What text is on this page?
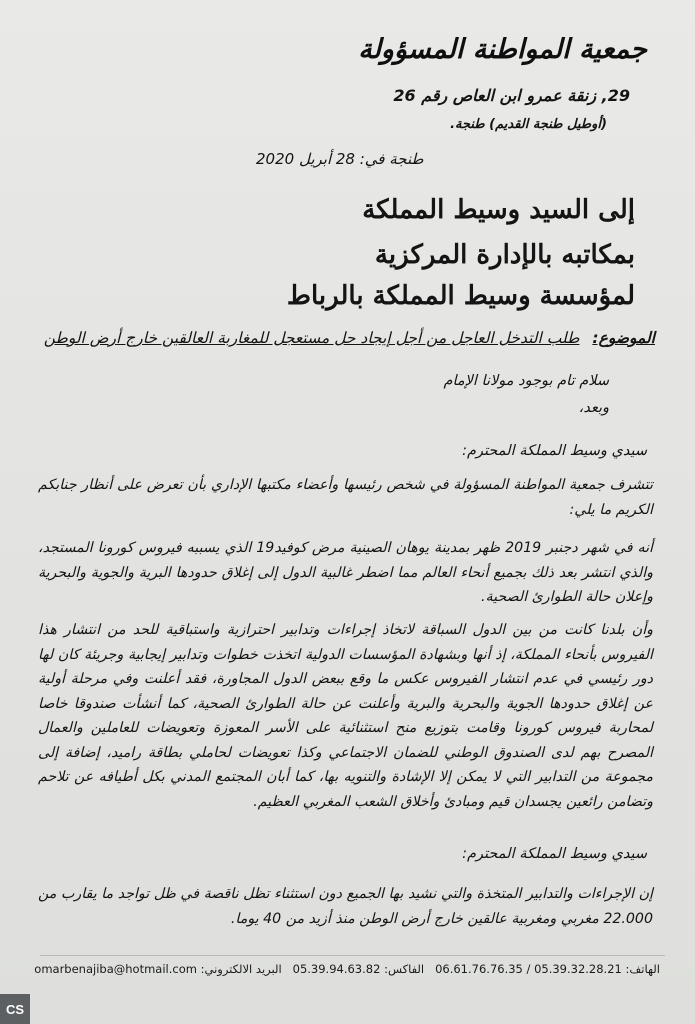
جمعية المواطنة المسؤولة
29, زنقة عمرو ابن العاص رقم 26
(أوطيل طنجة القديم) طنجة.
طنجة في: 28 أبريل 2020
إلى السيد وسيط المملكة
بمكاتبه بالإدارة المركزية
لمؤسسة وسيط المملكة بالرباط
الموضوع: طلب التدخل العاجل من أجل إيجاد حل مستعجل للمغاربة العالقين خارج أرض الوطن
سلام تام بوجود مولانا الإمام
وبعد،
سيدي وسيط المملكة المحترم:
تتشرف جمعية المواطنة المسؤولة في شخص رئيسها وأعضاء مكتبها الإداري بأن تعرض على أنظار جنابكم الكريم ما يلي:
أنه في شهر دجنبر 2019 ظهر بمدينة يوهان الصينية مرض كوفيد19 الذي يسببه فيروس كورونا المستجد، والذي انتشر بعد ذلك بجميع أنحاء العالم مما اضطر غالبية الدول إلى إغلاق حدودها البرية والجوية والبحرية وإعلان حالة الطوارئ الصحية.
وأن بلدنا كانت من بين الدول السباقة لاتخاذ إجراءات وتدابير احترازية واستباقية للحد من انتشار هذا الفيروس بأنحاء المملكة، إذ أنها وبشهادة المؤسسات الدولية اتخذت خطوات وتدابير إيجابية وجريئة كان لها دور رئيسي في عدم انتشار الفيروس عكس ما وقع ببعض الدول المجاورة، فقد أعلنت وفي مرحلة أولية عن إغلاق حدودها الجوية والبحرية والبرية وأعلنت عن حالة الطوارئ الصحية، كما أنشأت صندوقا خاصا لمحاربة فيروس كورونا وقامت بتوزيع منح استثنائية على الأسر المعوزة وتعويضات للعاملين والعمال المصرح بهم لدى الصندوق الوطني للضمان الاجتماعي وكذا تعويضات لحاملي بطاقة راميد، إضافة إلى مجموعة من التدابير التي لا يمكن إلا الإشادة والتنويه بها، كما أبان المجتمع المدني بكل أطيافه عن تلاحم وتضامن رائعين يجسدان قيم ومبادئ وأخلاق الشعب المغربي العظيم.
سيدي وسيط المملكة المحترم:
إن الإجراءات والتدابير المتخذة والتي نشيد بها الجميع دون استثناء تظل ناقصة في ظل تواجد ما يقارب من 22.000 مغربي ومغربية عالقين خارج أرض الوطن منذ أزيد من 40 يوما.
الهاتف: 05.39.32.28.21 / 06.61.76.76.35   الفاكس: 05.39.94.63.82   البريد الالكتروني: omarbenajiba@hotmail.com
CS
